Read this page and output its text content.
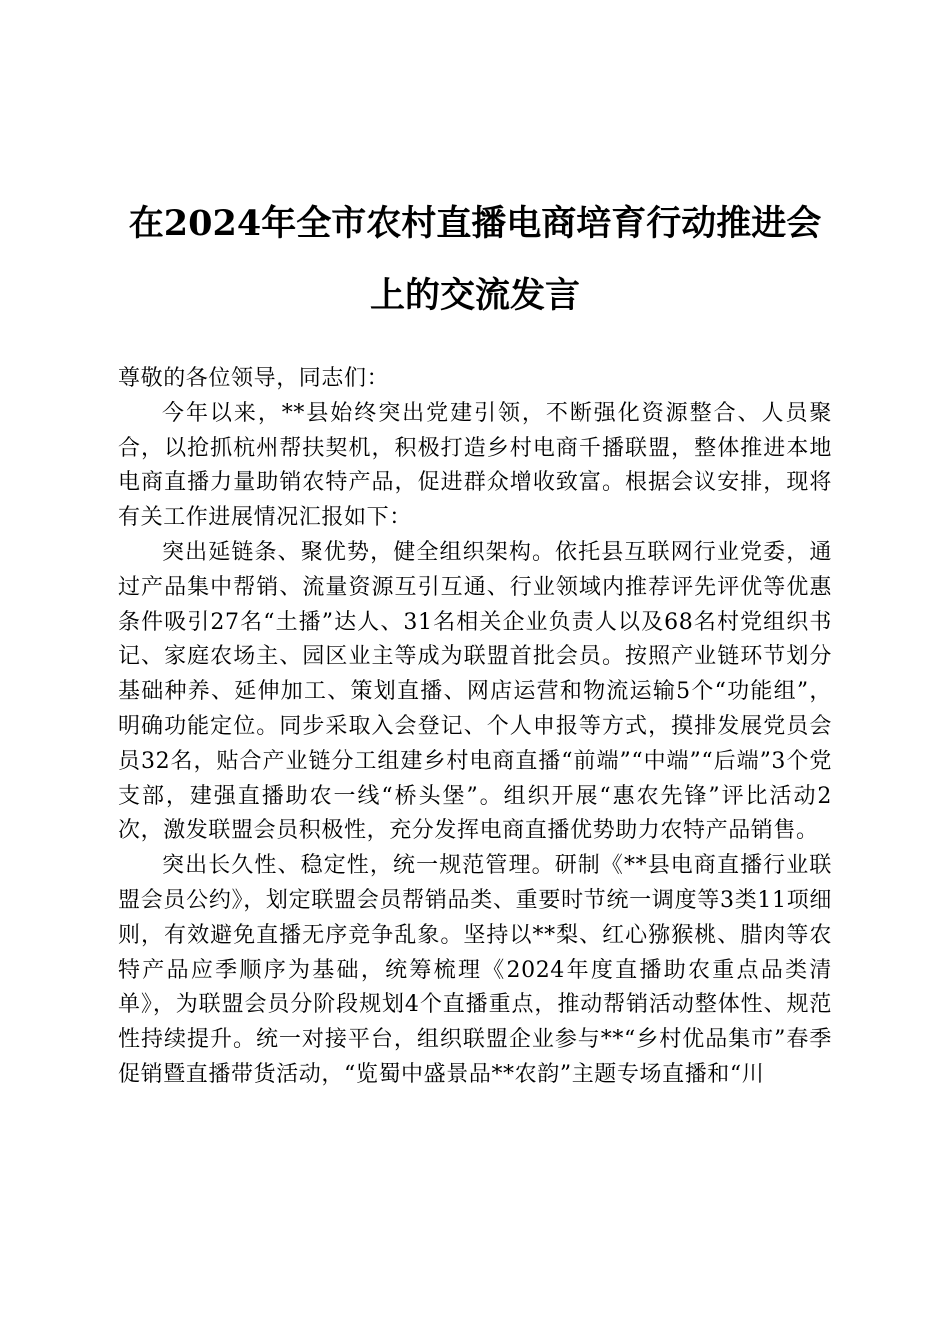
在2024年全市农村直播电商培育行动推进会
上的交流发言

尊敬的各位领导，同志们：

今年以来，**县始终突出党建引领，不断强化资源整合、人员聚合，以抢抓杭州帮扶契机，积极打造乡村电商千播联盟，整体推进本地电商直播力量助销农特产品，促进群众增收致富。根据会议安排，现将有关工作进展情况汇报如下：

突出延链条、聚优势，健全组织架构。依托县互联网行业党委，通过产品集中帮销、流量资源互引互通、行业领域内推荐评先评优等优惠条件吸引27名“土播”达人、31名相关企业负责人以及68名村党组织书记、家庭农场主、园区业主等成为联盟首批会员。按照产业链环节划分基础种养、延伸加工、策划直播、网店运营和物流运输5个“功能组”，明确功能定位。同步采取入会登记、个人申报等方式，摸排发展党员会员32名，贴合产业链分工组建乡村电商直播“前端”“中端”“后端”3个党支部，建强直播助农一线“桥头堡”。组织开展“惠农先锋”评比活动2次，激发联盟会员积极性，充分发挥电商直播优势助力农特产品销售。

突出长久性、稳定性，统一规范管理。研制《**县电商直播行业联盟会员公约》，划定联盟会员帮销品类、重要时节统一调度等3类11项细则，有效避免直播无序竞争乱象。坚持以**梨、红心猕猴桃、腊肉等农特产品应季顺序为基础，统筹梳理《2024年度直播助农重点品类清单》，为联盟会员分阶段规划4个直播重点，推动帮销活动整体性、规范性持续提升。统一对接平台，组织联盟企业参与**“乡村优品集市”春季促销暨直播带货活动，“览蜀中盛景品**农韵”主题专场直播和“川
